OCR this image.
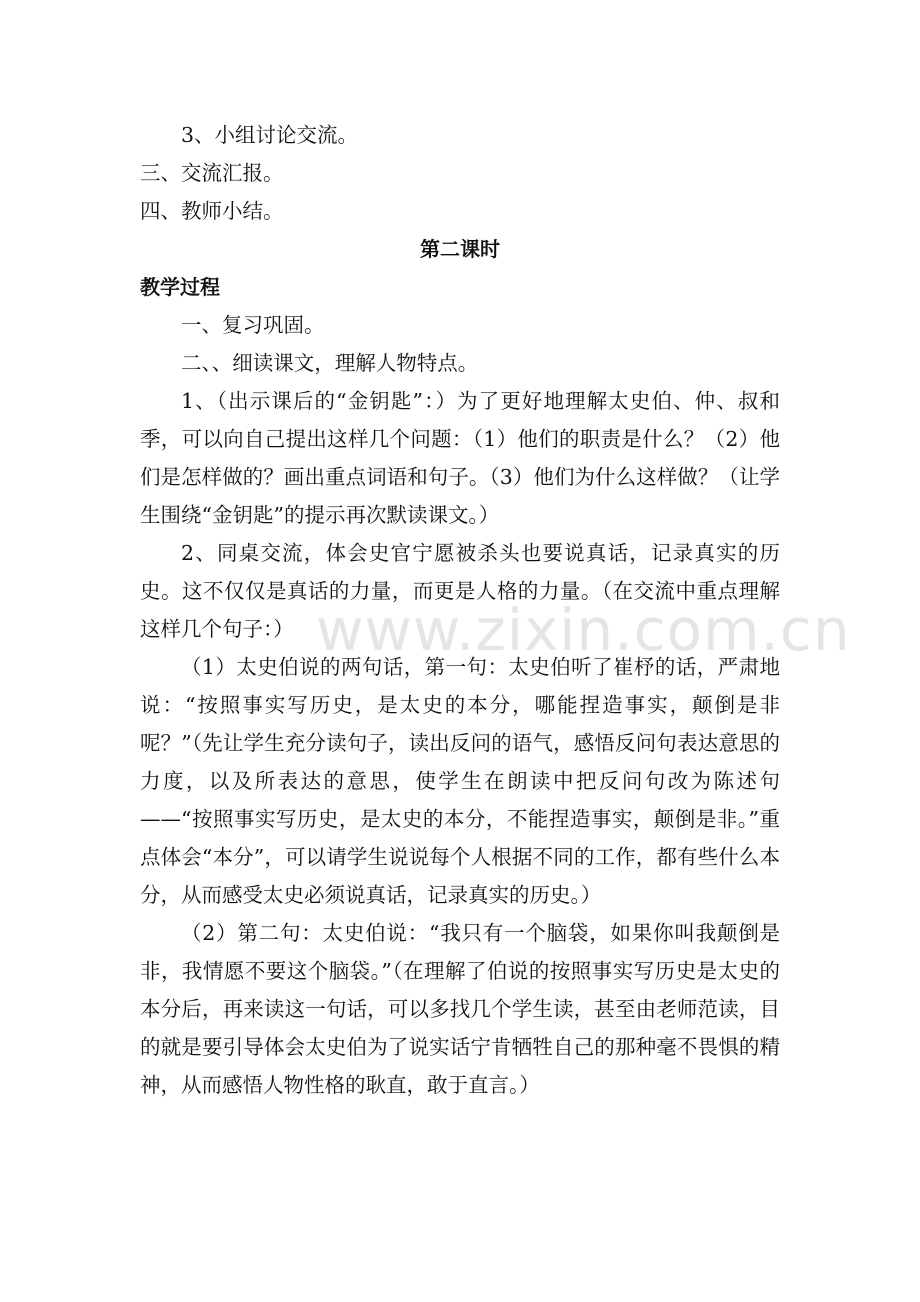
3、小组讨论交流。

三、交流汇报。

四、教师小结。

第二课时

教学过程

一、复习巩固。

二、、细读课文，理解人物特点。

1、（出示课后的“金钥匙”：）为了更好地理解太史伯、仲、叔和季，可以向自己提出这样几个问题：（1）他们的职责是什么？（2）他们是怎样做的？画出重点词语和句子。（3）他们为什么这样做？（让学生围绕“金钥匙”的提示再次默读课文。）

2、同桌交流，体会史官宁愿被杀头也要说真话，记录真实的历史。这不仅仅是真话的力量，而更是人格的力量。（在交流中重点理解这样几个句子：）

（1）太史伯说的两句话，第一句：太史伯听了崔杼的话，严肃地说：“按照事实写历史，是太史的本分，哪能捏造事实，颠倒是非呢？”（先让学生充分读句子，读出反问的语气，感悟反问句表达意思的力度，以及所表达的意思，使学生在朗读中把反问句改为陈述句——“按照事实写历史，是太史的本分，不能捏造事实，颠倒是非。”重点体会“本分”，可以请学生说说每个人根据不同的工作，都有些什么本分，从而感受太史必须说真话，记录真实的历史。）

（2）第二句：太史伯说：“我只有一个脑袋，如果你叫我颠倒是非，我情愿不要这个脑袋。”（在理解了伯说的按照事实写历史是太史的本分后，再来读这一句话，可以多找几个学生读，甚至由老师范读，目的就是要引导体会太史伯为了说实话宁肯牺牲自己的那种毫不畏惧的精神，从而感悟人物性格的耿直，敢于直言。）

www.zixin.com.cn
